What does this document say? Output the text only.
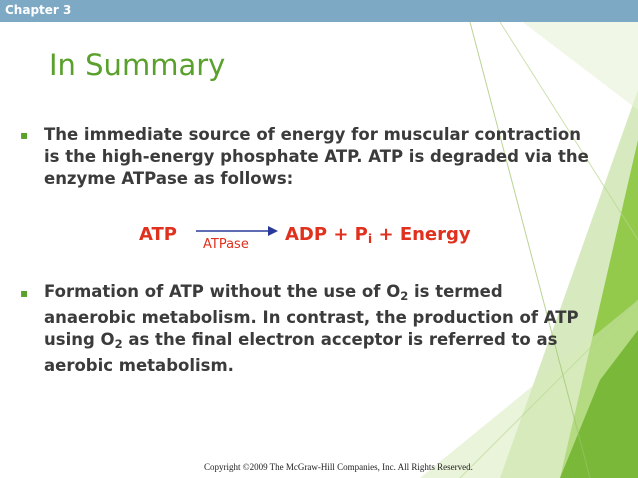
Chapter 3
In Summary
▪ The immediate source of energy for muscular contraction is the high-energy phosphate ATP. ATP is degraded via the enzyme ATPase as follows:
ATP ATPase ADP + $P_i$ + Energy
▪ Formation of ATP without the use of $O_2$ is termed anaerobic metabolism. In contrast, the production of ATP using $O_2$ as the final electron acceptor is referred to as aerobic metabolism.
Copyright ©2009 The McGraw-Hill Companies, Inc. All Rights Reserved.
